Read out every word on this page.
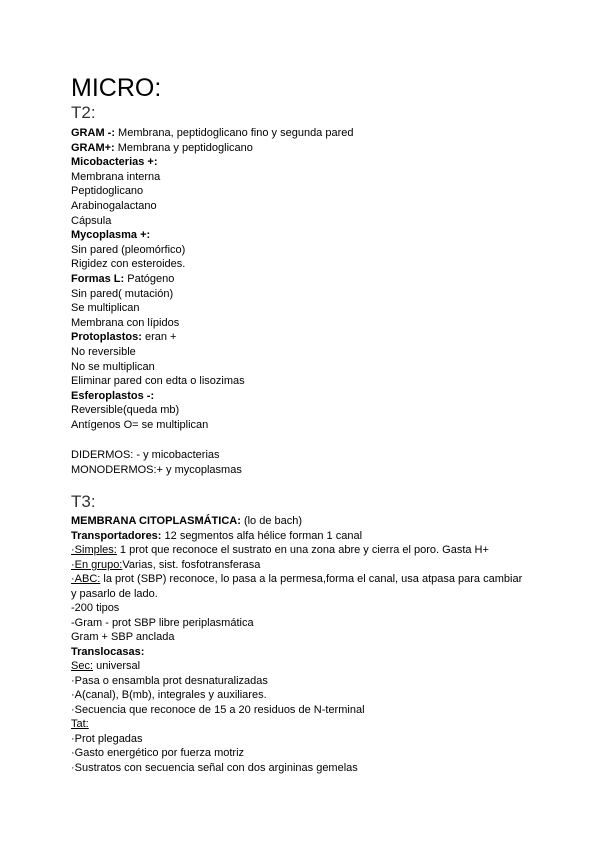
MICRO:
T2:
GRAM -: Membrana, peptidoglicano fino y segunda pared
GRAM+: Membrana y peptidoglicano
Micobacterias +:
Membrana interna
Peptidoglicano
Arabinogalactano
Cápsula
Mycoplasma +:
Sin pared (pleomórfico)
Rigidez con esteroides.
Formas L: Patógeno
Sin pared( mutación)
Se multiplican
Membrana con lípidos
Protoplastos: eran +
No reversible
No se multiplican
Eliminar pared con edta o lisozimas
Esferoplastos -:
Reversible(queda mb)
Antígenos O= se multiplican
DIDERMOS: - y micobacterias
MONODERMOS:+ y mycoplasmas
T3:
MEMBRANA CITOPLASMÁTICA: (lo de bach)
Transportadores: 12 segmentos alfa hélice forman 1 canal
·Simples: 1 prot que reconoce el sustrato en una zona abre y cierra el poro. Gasta H+
·En grupo:Varias, sist. fosfotransferasa
·ABC: la prot (SBP) reconoce, lo pasa a la permesa,forma el canal, usa atpasa para cambiar
y pasarlo de lado.
-200 tipos
-Gram - prot SBP libre periplasmática
Gram + SBP anclada
Translocasas:
Sec: universal
·Pasa o ensambla prot desnaturalizadas
·A(canal), B(mb), integrales y auxiliares.
·Secuencia que reconoce de 15 a 20 residuos de N-terminal
Tat:
·Prot plegadas
·Gasto energético por fuerza motriz
·Sustratos con secuencia señal con dos argininas gemelas
